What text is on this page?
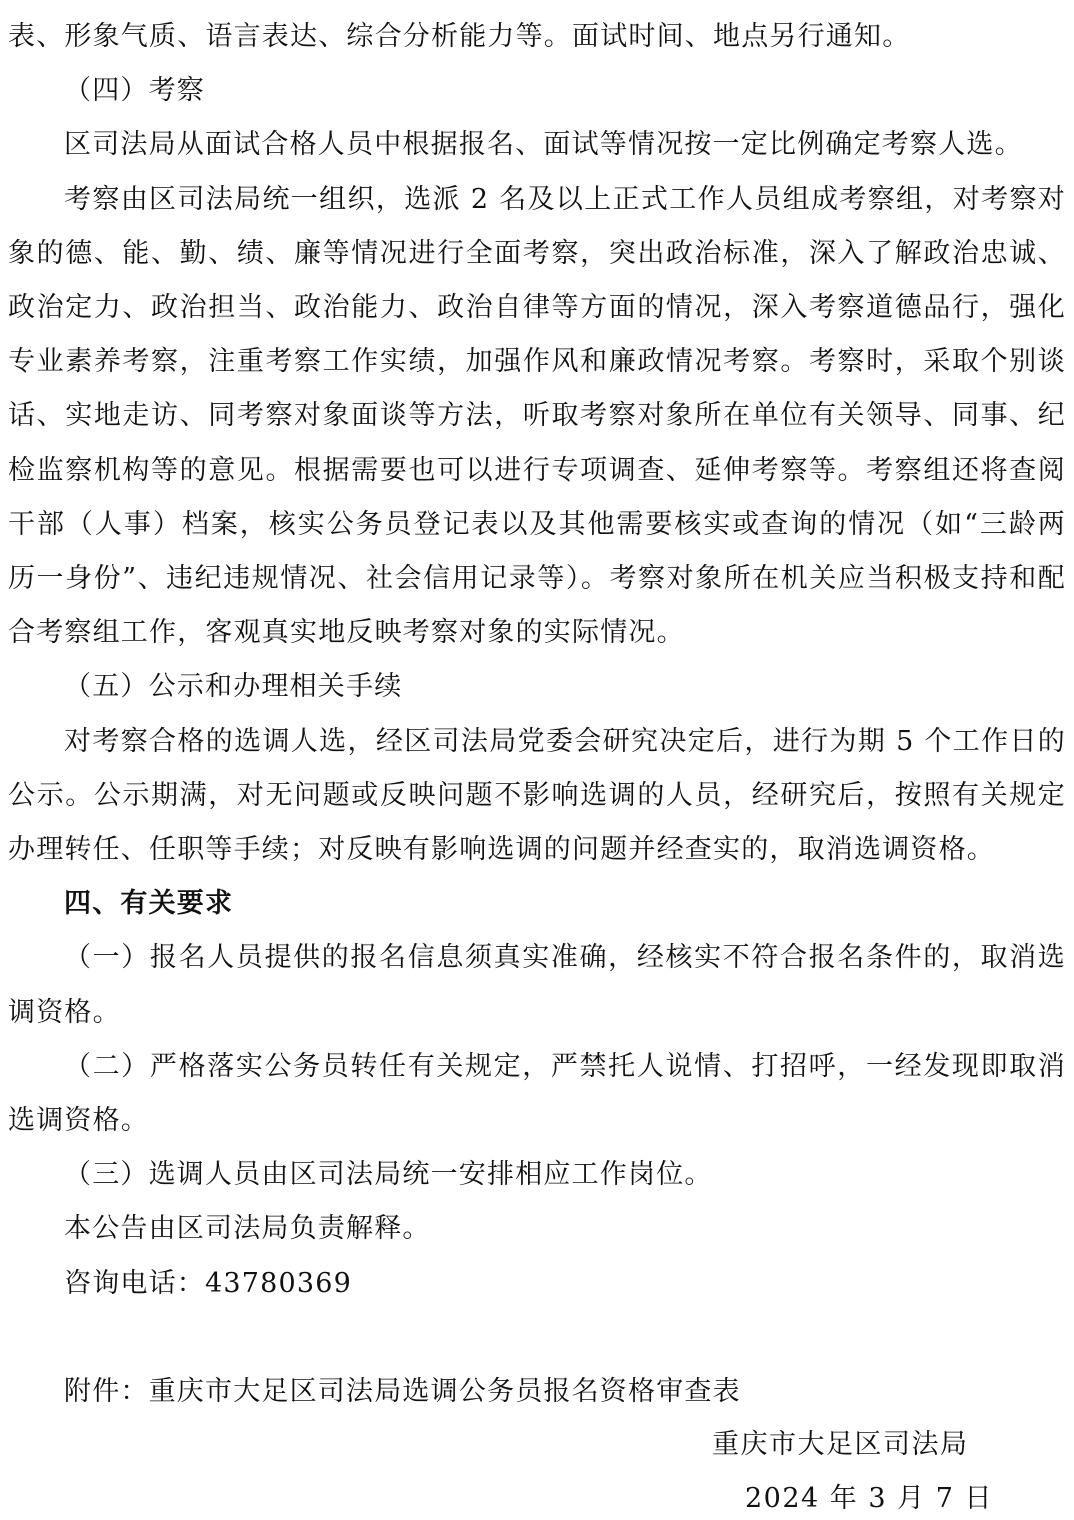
表、形象气质、语言表达、综合分析能力等。面试时间、地点另行通知。

（四）考察

区司法局从面试合格人员中根据报名、面试等情况按一定比例确定考察人选。

考察由区司法局统一组织，选派 2 名及以上正式工作人员组成考察组，对考察对象的德、能、勤、绩、廉等情况进行全面考察，突出政治标准，深入了解政治忠诚、政治定力、政治担当、政治能力、政治自律等方面的情况，深入考察道德品行，强化专业素养考察，注重考察工作实绩，加强作风和廉政情况考察。考察时，采取个别谈话、实地走访、同考察对象面谈等方法，听取考察对象所在单位有关领导、同事、纪检监察机构等的意见。根据需要也可以进行专项调查、延伸考察等。考察组还将查阅干部（人事）档案，核实公务员登记表以及其他需要核实或查询的情况（如“三龄两历一身份”、违纪违规情况、社会信用记录等）。考察对象所在机关应当积极支持和配合考察组工作，客观真实地反映考察对象的实际情况。

（五）公示和办理相关手续

对考察合格的选调人选，经区司法局党委会研究决定后，进行为期 5 个工作日的公示。公示期满，对无问题或反映问题不影响选调的人员，经研究后，按照有关规定办理转任、任职等手续；对反映有影响选调的问题并经查实的，取消选调资格。

四、有关要求

（一）报名人员提供的报名信息须真实准确，经核实不符合报名条件的，取消选调资格。

（二）严格落实公务员转任有关规定，严禁托人说情、打招呼，一经发现即取消选调资格。

（三）选调人员由区司法局统一安排相应工作岗位。

本公告由区司法局负责解释。

咨询电话：43780369

附件：重庆市大足区司法局选调公务员报名资格审查表

重庆市大足区司法局
2024 年 3 月 7 日
